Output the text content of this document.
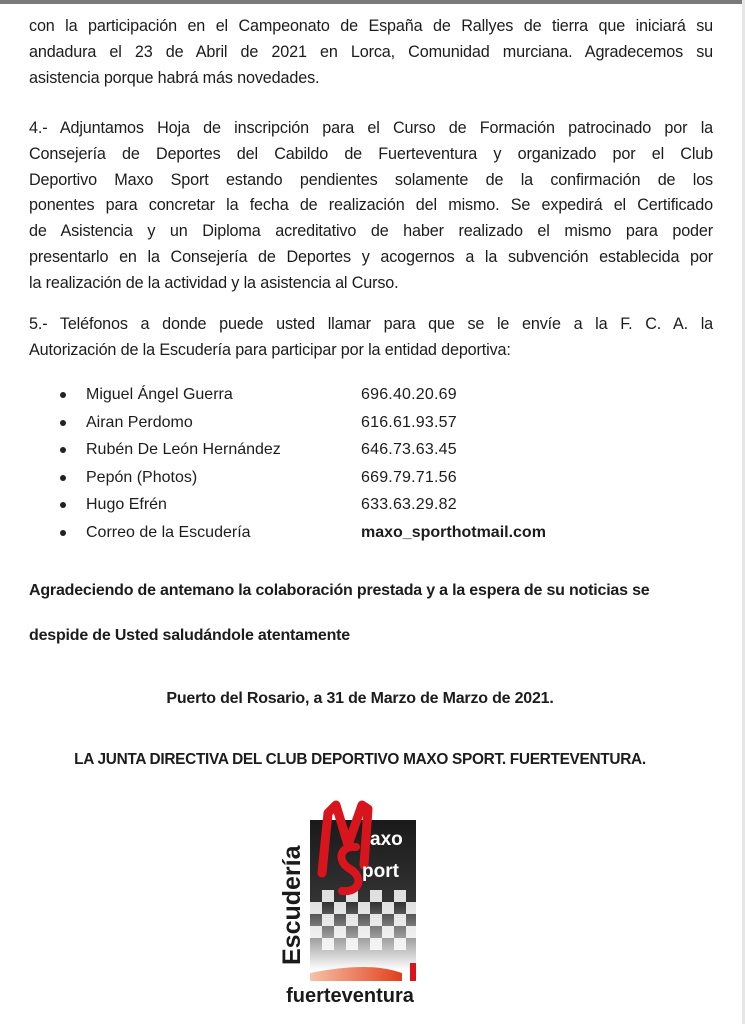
con la participación en el Campeonato de España de Rallyes de tierra que iniciará su
andadura el 23 de Abril de 2021 en Lorca, Comunidad murciana. Agradecemos su
asistencia porque habrá más novedades.
4.- Adjuntamos Hoja de inscripción para el Curso de Formación patrocinado por la
Consejería de Deportes del Cabildo de Fuerteventura y organizado por el Club
Deportivo Maxo Sport estando pendientes solamente de la confirmación de los
ponentes para concretar la fecha de realización del mismo. Se expedirá el Certificado
de Asistencia y un Diploma acreditativo de haber realizado el mismo para poder
presentarlo en la Consejería de Deportes y acogernos a la subvención establecida por
la realización de la actividad y la asistencia al Curso.
5.- Teléfonos a donde puede usted llamar para que se le envíe a la F. C. A. la
Autorización de la Escudería para participar por la entidad deportiva:
Miguel Ángel Guerra	696.40.20.69
Airan Perdomo	616.61.93.57
Rubén De León Hernández	646.73.63.45
Pepón (Photos)	669.79.71.56
Hugo Efrén	633.63.29.82
Correo de la Escudería	maxo_sporthotmail.com
Agradeciendo de antemano la colaboración prestada y a la espera de su noticias se
despide de Usted saludándole atentamente
Puerto del Rosario, a 31 de Marzo de Marzo de 2021.
LA JUNTA DIRECTIVA DEL CLUB DEPORTIVO MAXO SPORT. FUERTEVENTURA.
axo
port
Escudería
fuerteventura
